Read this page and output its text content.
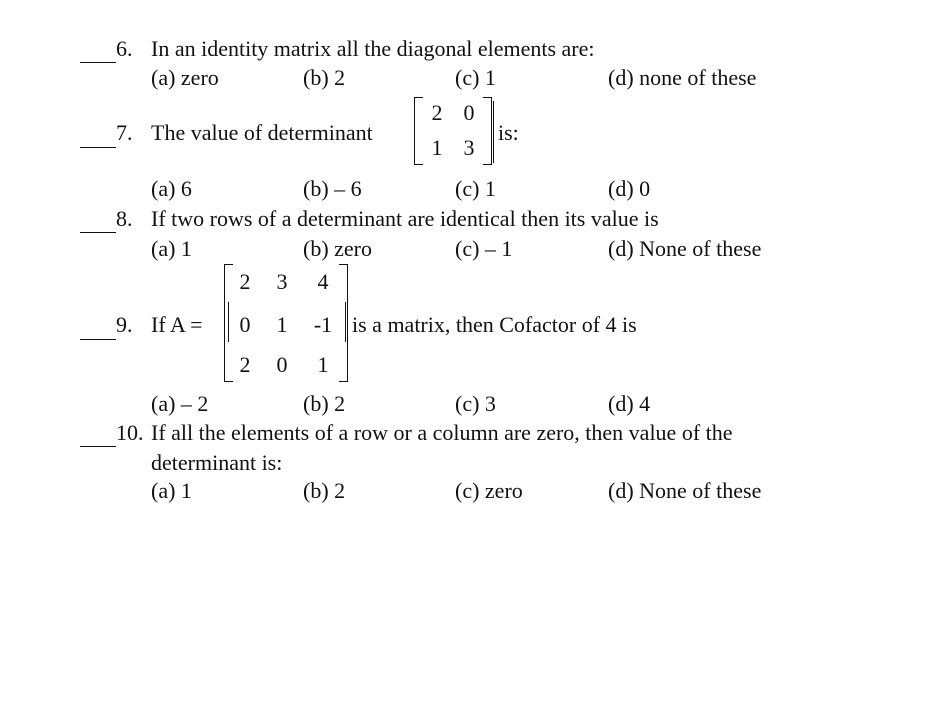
6. In an identity matrix all the diagonal elements are:
(a) zero	(b) 2	(c) 1	(d) none of these
7. The value of determinant
2 0
1 3
is:
(a) 6	(b) – 6	(c) 1	(d) 0
8. If two rows of a determinant are identical then its value is
(a) 1	(b) zero	(c) – 1	(d) None of these
9. If A =
2	3	4
0	1	-1
2	0	1
is a matrix, then Cofactor of 4 is
(a) – 2	(b) 2	(c) 3	(d) 4
10. If all the elements of a row or a column are zero, then value of the
determinant is:
(a) 1	(b) 2	(c) zero	(d) None of these
